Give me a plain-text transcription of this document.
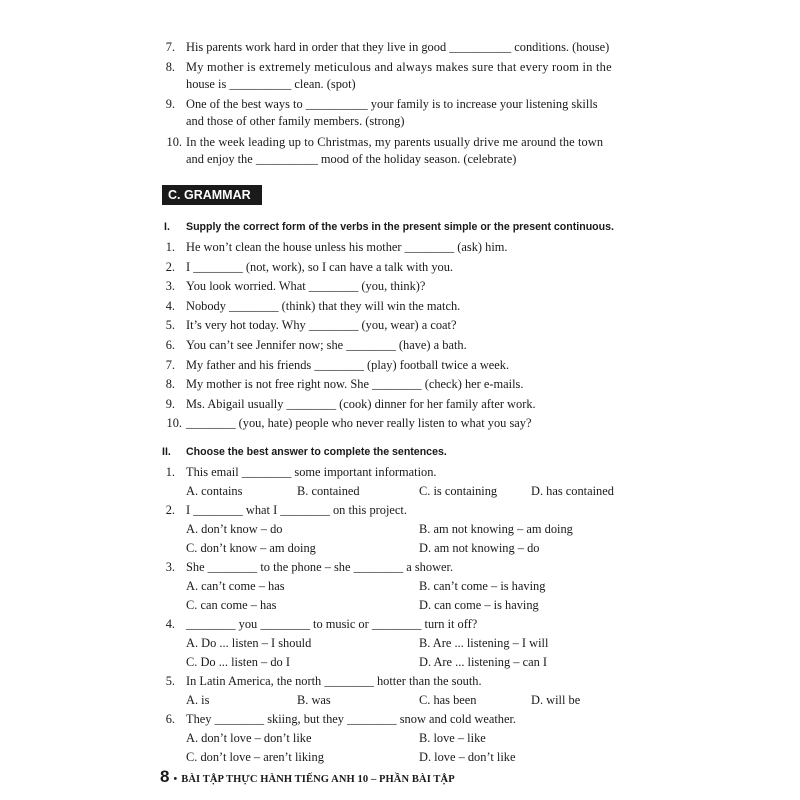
7. His parents work hard in order that they live in good __________ conditions. (house)
8. My mother is extremely meticulous and always makes sure that every room in the
house is __________ clean. (spot)
9. One of the best ways to __________ your family is to increase your listening skills
and those of other family members. (strong)
10. In the week leading up to Christmas, my parents usually drive me around the town
and enjoy the __________ mood of the holiday season. (celebrate)
C. GRAMMAR
I. Supply the correct form of the verbs in the present simple or the present continuous.
1. He won’t clean the house unless his mother ________ (ask) him.
2. I ________ (not, work), so I can have a talk with you.
3. You look worried. What ________ (you, think)?
4. Nobody ________ (think) that they will win the match.
5. It’s very hot today. Why ________ (you, wear) a coat?
6. You can’t see Jennifer now; she ________ (have) a bath.
7. My father and his friends ________ (play) football twice a week.
8. My mother is not free right now. She ________ (check) her e-mails.
9. Ms. Abigail usually ________ (cook) dinner for her family after work.
10. ________ (you, hate) people who never really listen to what you say?
II. Choose the best answer to complete the sentences.
1. This email ________ some important information.
A. contains	B. contained	C. is containing	D. has contained
2. I ________ what I ________ on this project.
A. don’t know – do	B. am not knowing – am doing
C. don’t know – am doing	D. am not knowing – do
3. She ________ to the phone – she ________ a shower.
A. can’t come – has	B. can’t come – is having
C. can come – has	D. can come – is having
4. ________ you ________ to music or ________ turn it off?
A. Do ... listen – I should	B. Are ... listening – I will
C. Do ... listen – do I	D. Are ... listening – can I
5. In Latin America, the north ________ hotter than the south.
A. is	B. was	C. has been	D. will be
6. They ________ skiing, but they ________ snow and cold weather.
A. don’t love – don’t like	B. love – like
C. don’t love – aren’t liking	D. love – don’t like
8 • BÀI TẬP THỰC HÀNH TIẾNG ANH 10 – PHẦN BÀI TẬP
